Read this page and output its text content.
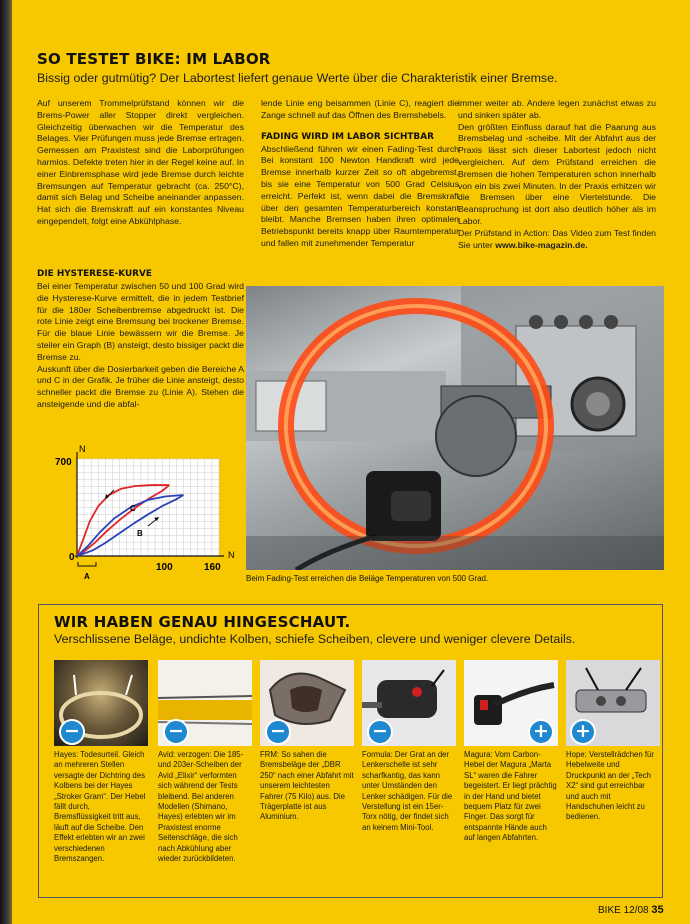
SO TESTET BIKE: IM LABOR
Bissig oder gutmütig? Der Labortest liefert genaue Werte über die Charakteristik einer Bremse.
Auf unserem Trommelprüfstand können wir die Brems-Power aller Stopper direkt vergleichen. Gleichzeitig überwachen wir die Temperatur des Belages. Vier Prüfungen muss jede Bremse ertragen. Gemessen am Praxistest sind die Laborprüfungen harmlos. Defekte treten hier in der Regel keine auf. In einer Einbremsphase wird jede Bremse durch leichte Bremsungen auf Temperatur gebracht (ca. 250°C), damit sich Belag und Scheibe aneinander anpassen. Hat sich die Bremskraft auf ein konstantes Niveau eingependelt, folgt eine Abkühlphase.
DIE HYSTERESE-KURVE
Bei einer Temperatur zwischen 50 und 100 Grad wird die Hysterese-Kurve ermittelt, die in jedem Testbrief für die 180er Scheibenbremse abgedruckt ist. Die rote Linie zeigt eine Bremsung bei trockener Bremse. Für die blaue Linie bewässern wir die Bremse. Je steiler ein Graph (B) ansteigt, desto bissiger packt die Bremse zu.
Auskunft über die Dosierbarkeit geben die Bereiche A und C in der Grafik. Je früher die Linie ansteigt, desto schneller packt die Bremse zu (Linie A). Stehen die ansteigende und die abfal-
lende Linie eng beisammen (Linie C), reagiert die Zange schnell auf das Öffnen des Bremshebels.
FADING WIRD IM LABOR SICHTBAR
Abschließend führen wir einen Fading-Test durch Bei konstant 100 Newton Handkraft wird jede Bremse innerhalb kurzer Zeit so oft abgebremst, bis sie eine Temperatur von 500 Grad Celsius erreicht. Perfekt ist, wenn dabei die Bremskraft über den gesamten Temperaturbereich konstant bleibt. Manche Bremsen haben ihren optimalen Betriebspunkt bereits knapp über Raumtemperatur und fallen mit zunehmender Temperatur
immer weiter ab. Andere legen zunächst etwas zu und sinken später ab.
Den größten Einfluss darauf hat die Paarung aus Bremsbelag und -scheibe. Mit der Abfahrt aus der Praxis lässt sich dieser Labortest jedoch nicht vergleichen. Auf dem Prüfstand erreichen die Bremsen die hohen Temperaturen schon innerhalb von ein bis zwei Minuten. In der Praxis erhitzen wir die Bremsen über eine Viertelstunde. Die Beanspruchung ist dort also deutlich höher als im Labor.
Der Prüfstand in Action: Das Video zum Test finden Sie unter www.bike-magazin.de.
N
700
0	N
100	160
A
B
C
Beim Fading-Test erreichen die Beläge Temperaturen von 500 Grad.
WIR HABEN GENAU HINGESCHAUT.
Verschlissene Beläge, undichte Kolben, schiefe Scheiben, clevere und weniger clevere Details.
−	−	−	−	+ +
Hayes: Todesurteil. Gleich an mehreren Stellen versagte der Dichtring des Kolbens bei der Hayes „Stroker Gram“. Der Hebel fällt durch, Bremsflüssigkeit tritt aus, läuft auf die Scheibe. Den Effekt erlebten wir an zwei verschiedenen Bremszangen.
Avid: verzogen: Die 185- und 203er-Scheiben der Avid „Elixir“ verformten sich während der Tests bleibend. Bei anderen Modellen (Shimano, Hayes) erlebten wir im Praxistest enorme Seitenschläge, die sich nach Abkühlung aber wieder zurückbildeten.
FRM: So sahen die Bremsbeläge der „DBR 250“ nach einer Abfahrt mit unserem leichtesten Fahrer (75 Kilo) aus. Die Trägerplatte ist aus Aluminium.
Formula: Der Grat an der Lenkerschelle ist sehr scharfkantig, das kann unter Umständen den Lenker schädigen. Für die Verstellung ist ein 15er-Torx nötig, der findet sich an keinem Mini-Tool.
Magura: Vom Carbon-Hebel der Magura „Marta SL“ waren die Fahrer begeistert. Er liegt prächtig in der Hand und bietet bequem Platz für zwei Finger. Das sorgt für entspannte Hände auch auf langen Abfahrten.
Hope: Verstellrädchen für Hebelweite und Druckpunkt an der „Tech X2“ sind gut erreichbar und auch mit Handschuhen leicht zu bedienen.
BIKE 12/08 35
